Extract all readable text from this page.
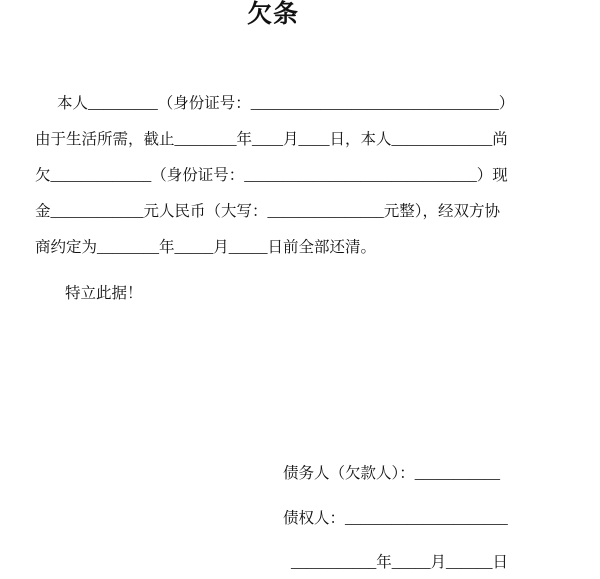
欠条
本人_________（身份证号：________________________________）
由于生活所需，截止________年____月____日，本人_____________尚
欠_____________（身份证号：______________________________）现
金____________元人民币（大写：_______________元整），经双方协
商约定为________年_____月_____日前全部还清。
特立此据！
债务人（欠款人）：___________
债权人：_____________________
___________年_____月______日
